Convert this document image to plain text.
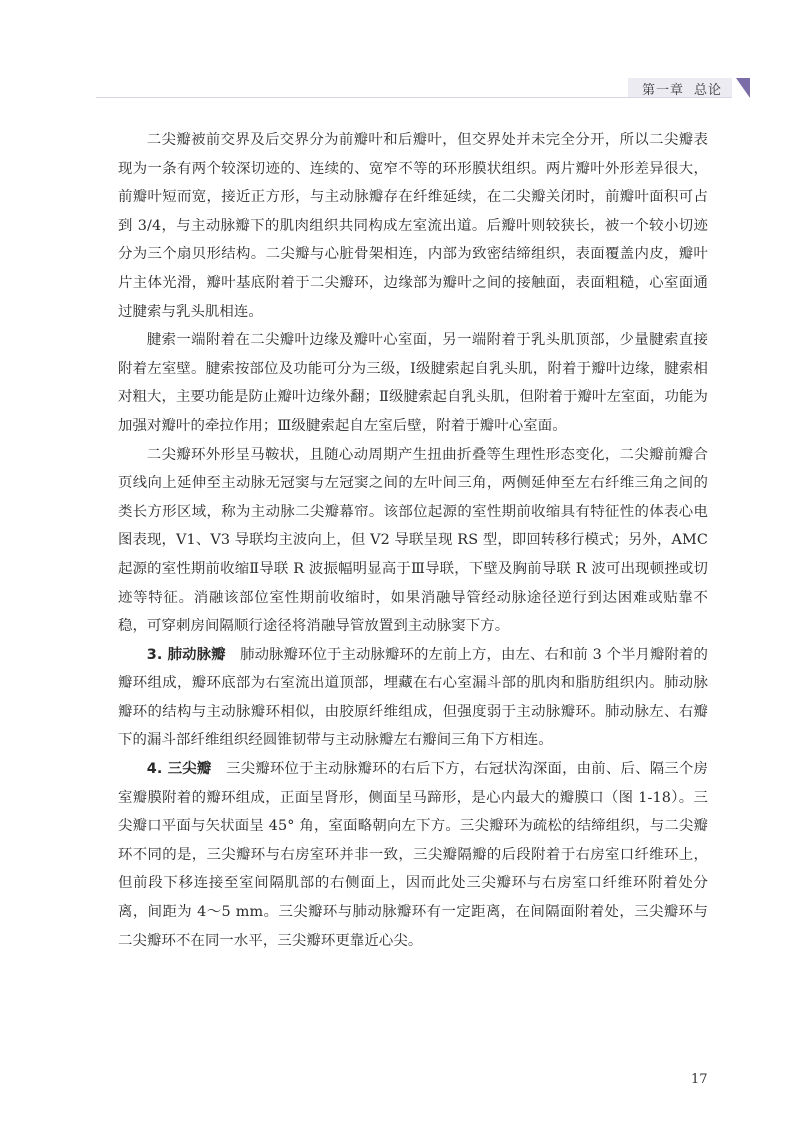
第一章 总论

二尖瓣被前交界及后交界分为前瓣叶和后瓣叶，但交界处并未完全分开，所以二尖瓣表现为一条有两个较深切迹的、连续的、宽窄不等的环形膜状组织。两片瓣叶外形差异很大，前瓣叶短而宽，接近正方形，与主动脉瓣存在纤维延续，在二尖瓣关闭时，前瓣叶面积可占到 3/4，与主动脉瓣下的肌肉组织共同构成左室流出道。后瓣叶则较狭长，被一个较小切迹分为三个扇贝形结构。二尖瓣与心脏骨架相连，内部为致密结缔组织，表面覆盖内皮，瓣叶片主体光滑，瓣叶基底附着于二尖瓣环，边缘部为瓣叶之间的接触面，表面粗糙，心室面通过腱索与乳头肌相连。

腱索一端附着在二尖瓣叶边缘及瓣叶心室面，另一端附着于乳头肌顶部，少量腱索直接附着左室壁。腱索按部位及功能可分为三级，Ⅰ级腱索起自乳头肌，附着于瓣叶边缘，腱索相对粗大，主要功能是防止瓣叶边缘外翻；Ⅱ级腱索起自乳头肌，但附着于瓣叶左室面，功能为加强对瓣叶的牵拉作用；Ⅲ级腱索起自左室后壁，附着于瓣叶心室面。

二尖瓣环外形呈马鞍状，且随心动周期产生扭曲折叠等生理性形态变化，二尖瓣前瓣合页线向上延伸至主动脉无冠窦与左冠窦之间的左叶间三角，两侧延伸至左右纤维三角之间的类长方形区域，称为主动脉二尖瓣幕帘。该部位起源的室性期前收缩具有特征性的体表心电图表现，V1、V3 导联均主波向上，但 V2 导联呈现 RS 型，即回转移行模式；另外，AMC 起源的室性期前收缩Ⅱ导联 R 波振幅明显高于Ⅲ导联，下壁及胸前导联 R 波可出现顿挫或切迹等特征。消融该部位室性期前收缩时，如果消融导管经动脉途径逆行到达困难或贴靠不稳，可穿刺房间隔顺行途径将消融导管放置到主动脉窦下方。

3. 肺动脉瓣　肺动脉瓣环位于主动脉瓣环的左前上方，由左、右和前 3 个半月瓣附着的瓣环组成，瓣环底部为右室流出道顶部，埋藏在右心室漏斗部的肌肉和脂肪组织内。肺动脉瓣环的结构与主动脉瓣环相似，由胶原纤维组成，但强度弱于主动脉瓣环。肺动脉左、右瓣下的漏斗部纤维组织经圆锥韧带与主动脉瓣左右瓣间三角下方相连。

4. 三尖瓣　三尖瓣环位于主动脉瓣环的右后下方，右冠状沟深面，由前、后、隔三个房室瓣膜附着的瓣环组成，正面呈肾形，侧面呈马蹄形，是心内最大的瓣膜口（图 1-18）。三尖瓣口平面与矢状面呈 45° 角，室面略朝向左下方。三尖瓣环为疏松的结缔组织，与二尖瓣环不同的是，三尖瓣环与右房室环并非一致，三尖瓣隔瓣的后段附着于右房室口纤维环上，但前段下移连接至室间隔肌部的右侧面上，因而此处三尖瓣环与右房室口纤维环附着处分离，间距为 4～5 mm。三尖瓣环与肺动脉瓣环有一定距离，在间隔面附着处，三尖瓣环与二尖瓣环不在同一水平，三尖瓣环更靠近心尖。

17
